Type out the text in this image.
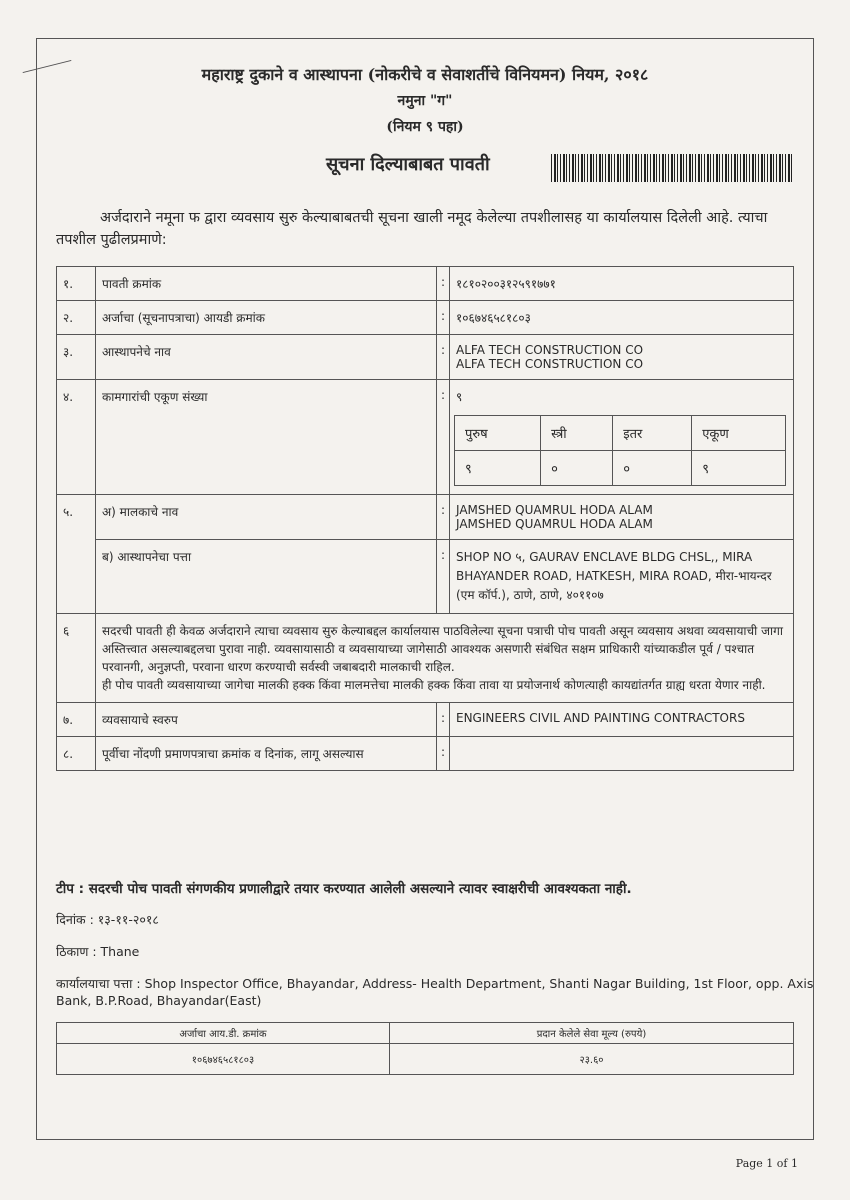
महाराष्ट्र दुकाने व आस्थापना (नोकरीचे व सेवाशर्तीचे विनियमन) नियम, २०१८
नमुना "ग"
(नियम ९ पहा)
सूचना दिल्याबाबत पावती
अर्जदाराने नमूना फ द्वारा व्यवसाय सुरु केल्याबाबतची सूचना खाली नमूद केलेल्या तपशीलासह या कार्यालयास दिलेली आहे. त्याचा तपशील पुढीलप्रमाणे:
१.	पावती क्रमांक	:	१८१०२००३१२५९१७७१
२.	अर्जाचा (सूचनापत्राचा) आयडी क्रमांक	:	१०६७४६५८१८०३
३.	आस्थापनेचे नाव	:	ALFA TECH CONSTRUCTION CO
ALFA TECH CONSTRUCTION CO

४.	कामगारांची एकूण संख्या	:	९
पुरुष	स्त्री	इतर	एकूण
९	०	०	९

५.	अ) मालकाचे नाव	:	JAMSHED QUAMRUL HODA ALAM
JAMSHED QUAMRUL HODA ALAM

ब) आस्थापनेचा पत्ता	:	SHOP NO ५, GAURAV ENCLAVE BLDG CHSL,, MIRA BHAYANDER ROAD, HATKESH, MIRA ROAD, मीरा-भायन्दर (एम कॉर्प.), ठाणे, ठाणे, ४०११०७
६	सदरची पावती ही केवळ अर्जदाराने त्याचा व्यवसाय सुरु केल्याबद्दल कार्यालयास पाठविलेल्या सूचना पत्राची पोच पावती असून व्यवसाय अथवा व्यवसायाची जागा अस्तित्त्वात असल्याबद्दलचा पुरावा नाही. व्यवसायासाठी व व्यवसायाच्या जागेसाठी आवश्यक असणारी संबंधित सक्षम प्राधिकारी यांच्याकडील पूर्व / पश्चात परवानगी, अनुज्ञप्ती, परवाना धारण करण्याची सर्वस्वी जबाबदारी मालकाची राहिल.
ही पोच पावती व्यवसायाच्या जागेचा मालकी हक्क किंवा मालमत्तेचा मालकी हक्क किंवा तावा या प्रयोजनार्थ कोणत्याही कायद्यांतर्गत ग्राह्य धरता येणार नाही.

७.	व्यवसायाचे स्वरुप	:	ENGINEERS CIVIL AND PAINTING CONTRACTORS
८.	पूर्वीचा नोंदणी प्रमाणपत्राचा क्रमांक व दिनांक, लागू असल्यास	:	
टीप : सदरची पोच पावती संगणकीय प्रणालीद्वारे तयार करण्यात आलेली असल्याने त्यावर स्वाक्षरीची आवश्यकता नाही.
दिनांक : १३-११-२०१८
ठिकाण : Thane
कार्यालयाचा पत्ता : Shop Inspector Office, Bhayandar, Address- Health Department, Shanti Nagar Building, 1st Floor, opp. Axis Bank, B.P.Road, Bhayandar(East)
अर्जाचा आय.डी. क्रमांक	प्रदान केलेले सेवा मूल्य (रुपये)
१०६७४६५८१८०३	२३.६०
Page 1 of 1
